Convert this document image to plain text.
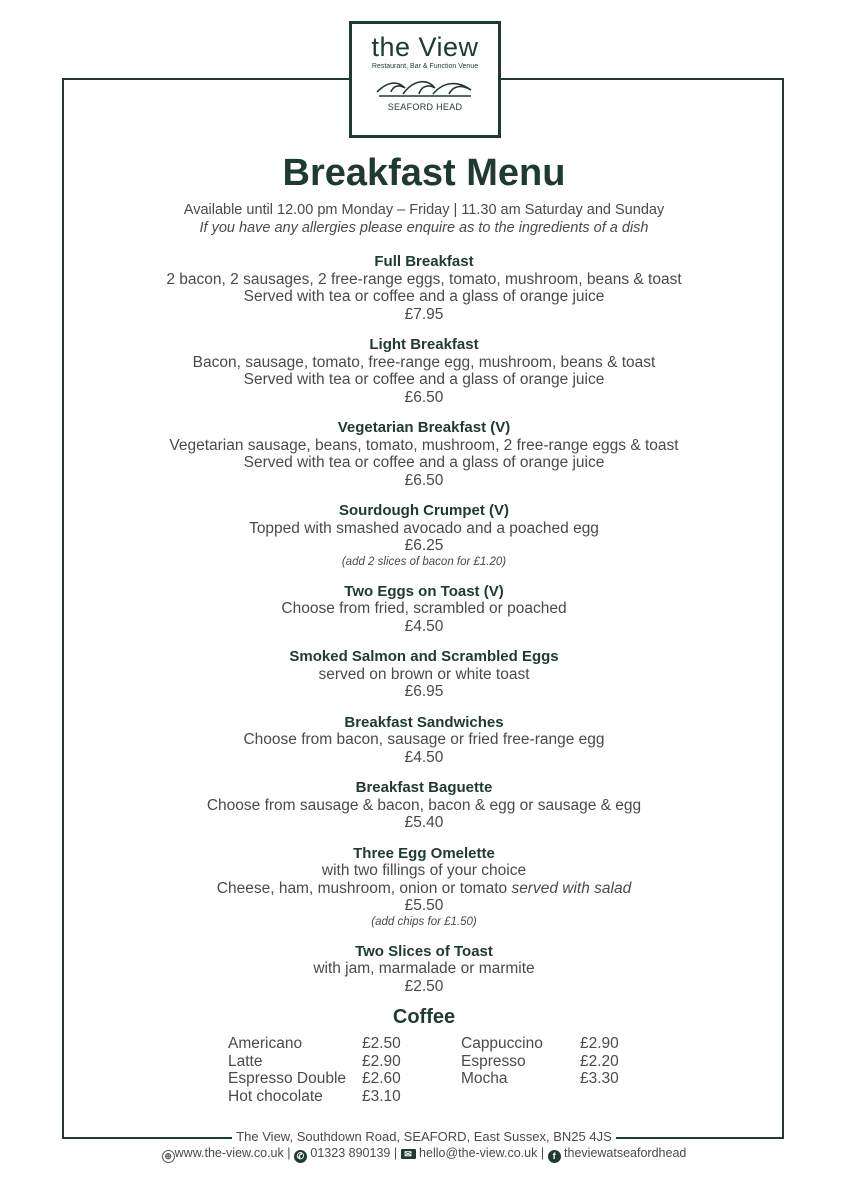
the View
Restaurant, Bar & Function Venue
SEAFORD HEAD
Breakfast Menu
Available until 12.00 pm Monday – Friday | 11.30 am Saturday and Sunday
If you have any allergies please enquire as to the ingredients of a dish
Full Breakfast
2 bacon, 2 sausages, 2 free-range eggs, tomato, mushroom, beans & toast
Served with tea or coffee and a glass of orange juice
£7.95
Light Breakfast
Bacon, sausage, tomato, free-range egg, mushroom, beans & toast
Served with tea or coffee and a glass of orange juice
£6.50
Vegetarian Breakfast (V)
Vegetarian sausage, beans, tomato, mushroom, 2 free-range eggs & toast
Served with tea or coffee and a glass of orange juice
£6.50
Sourdough Crumpet (V)
Topped with smashed avocado and a poached egg
£6.25
(add 2 slices of bacon for £1.20)
Two Eggs on Toast (V)
Choose from fried, scrambled or poached
£4.50
Smoked Salmon and Scrambled Eggs
served on brown or white toast
£6.95
Breakfast Sandwiches
Choose from bacon, sausage or fried free-range egg
£4.50
Breakfast Baguette
Choose from sausage & bacon, bacon & egg or sausage & egg
£5.40
Three Egg Omelette
with two fillings of your choice
Cheese, ham, mushroom, onion or tomato served with salad
£5.50
(add chips for £1.50)
Two Slices of Toast
with jam, marmalade or marmite
£2.50
Coffee
Americano	£2.50
Latte	£2.90
Espresso Double £2.60
Hot chocolate	£3.10
Cappuccino £2.90
Espresso	£2.20
Mocha	£3.30
The View, Southdown Road, SEAFORD, East Sussex, BN25 4JS
⊕ www.the-view.co.uk | ✆ 01323 890139 | ✉ hello@the-view.co.uk | f theviewatseafordhead
